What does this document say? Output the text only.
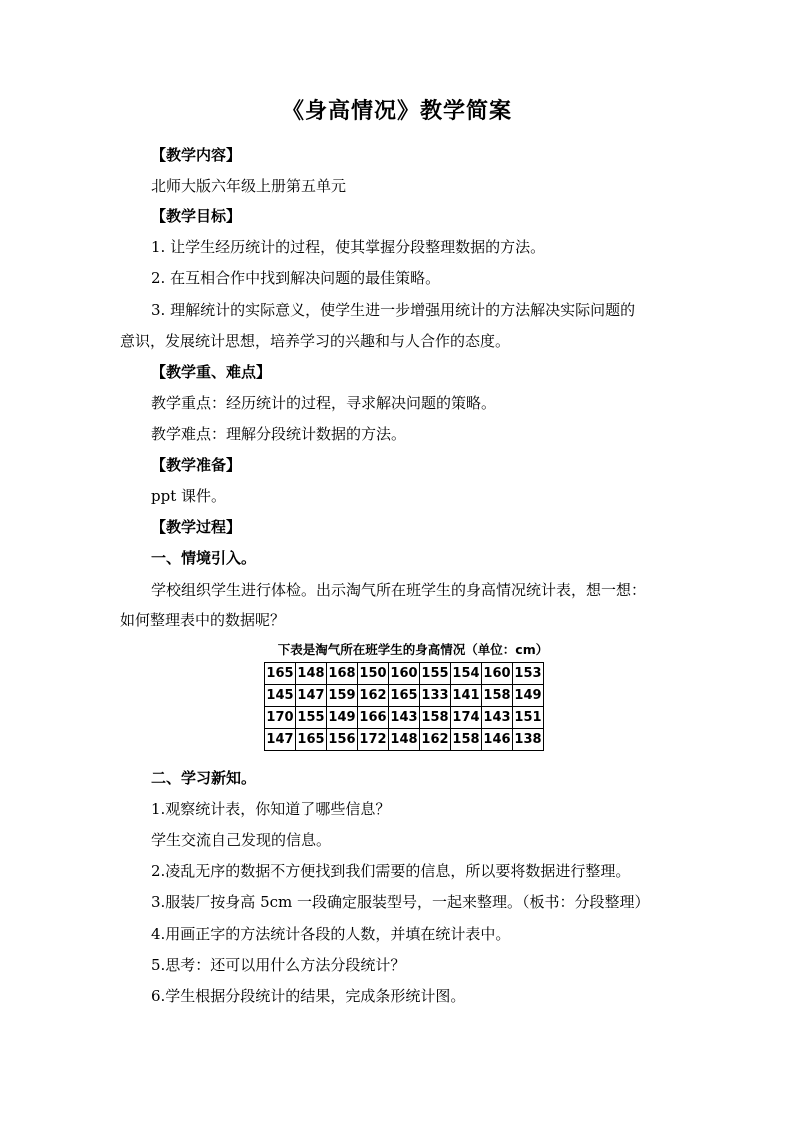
《身高情况》教学简案
【教学内容】
北师大版六年级上册第五单元
【教学目标】
1. 让学生经历统计的过程，使其掌握分段整理数据的方法。
2. 在互相合作中找到解决问题的最佳策略。
3. 理解统计的实际意义，使学生进一步增强用统计的方法解决实际问题的
意识，发展统计思想，培养学习的兴趣和与人合作的态度。
【教学重、难点】
教学重点：经历统计的过程，寻求解决问题的策略。
教学难点：理解分段统计数据的方法。
【教学准备】
ppt 课件。
【教学过程】
一、情境引入。
学校组织学生进行体检。出示淘气所在班学生的身高情况统计表，想一想：
如何整理表中的数据呢？
下表是淘气所在班学生的身高情况（单位：cm）
165	148	168	150	160	155	154	160	153
145	147	159	162	165	133	141	158	149
170	155	149	166	143	158	174	143	151
147	165	156	172	148	162	158	146	138
二、学习新知。
1.观察统计表，你知道了哪些信息？
学生交流自己发现的信息。
2.凌乱无序的数据不方便找到我们需要的信息，所以要将数据进行整理。
3.服装厂按身高 5cm 一段确定服装型号，一起来整理。（板书：分段整理）
4.用画正字的方法统计各段的人数，并填在统计表中。
5.思考：还可以用什么方法分段统计？
6.学生根据分段统计的结果，完成条形统计图。
